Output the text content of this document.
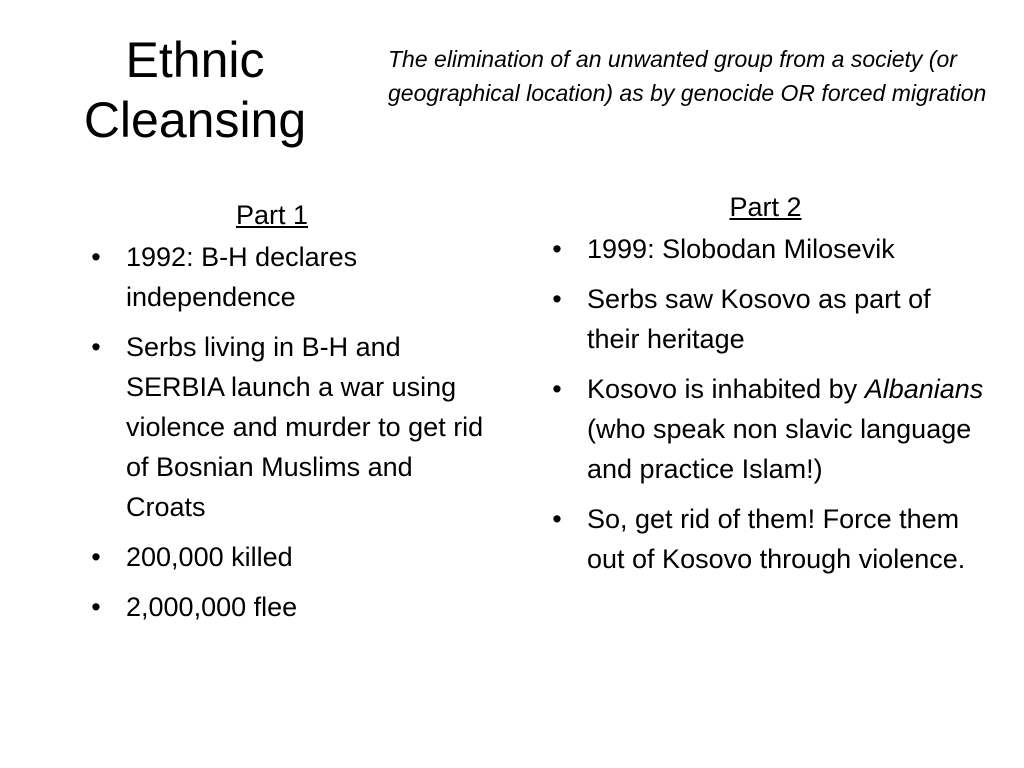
Ethnic
Cleansing

The elimination of an unwanted group from a society (or geographical location) as by genocide OR forced migration

Part 1
• 1992: B-H declares independence
• Serbs living in B-H and SERBIA launch a war using violence and murder to get rid of Bosnian Muslims and Croats
• 200,000 killed
• 2,000,000 flee
Part 2
• 1999: Slobodan Milosevik
• Serbs saw Kosovo as part of their heritage
• Kosovo is inhabited by Albanians (who speak non slavic language and practice Islam!)
• So, get rid of them! Force them out of Kosovo through violence.
